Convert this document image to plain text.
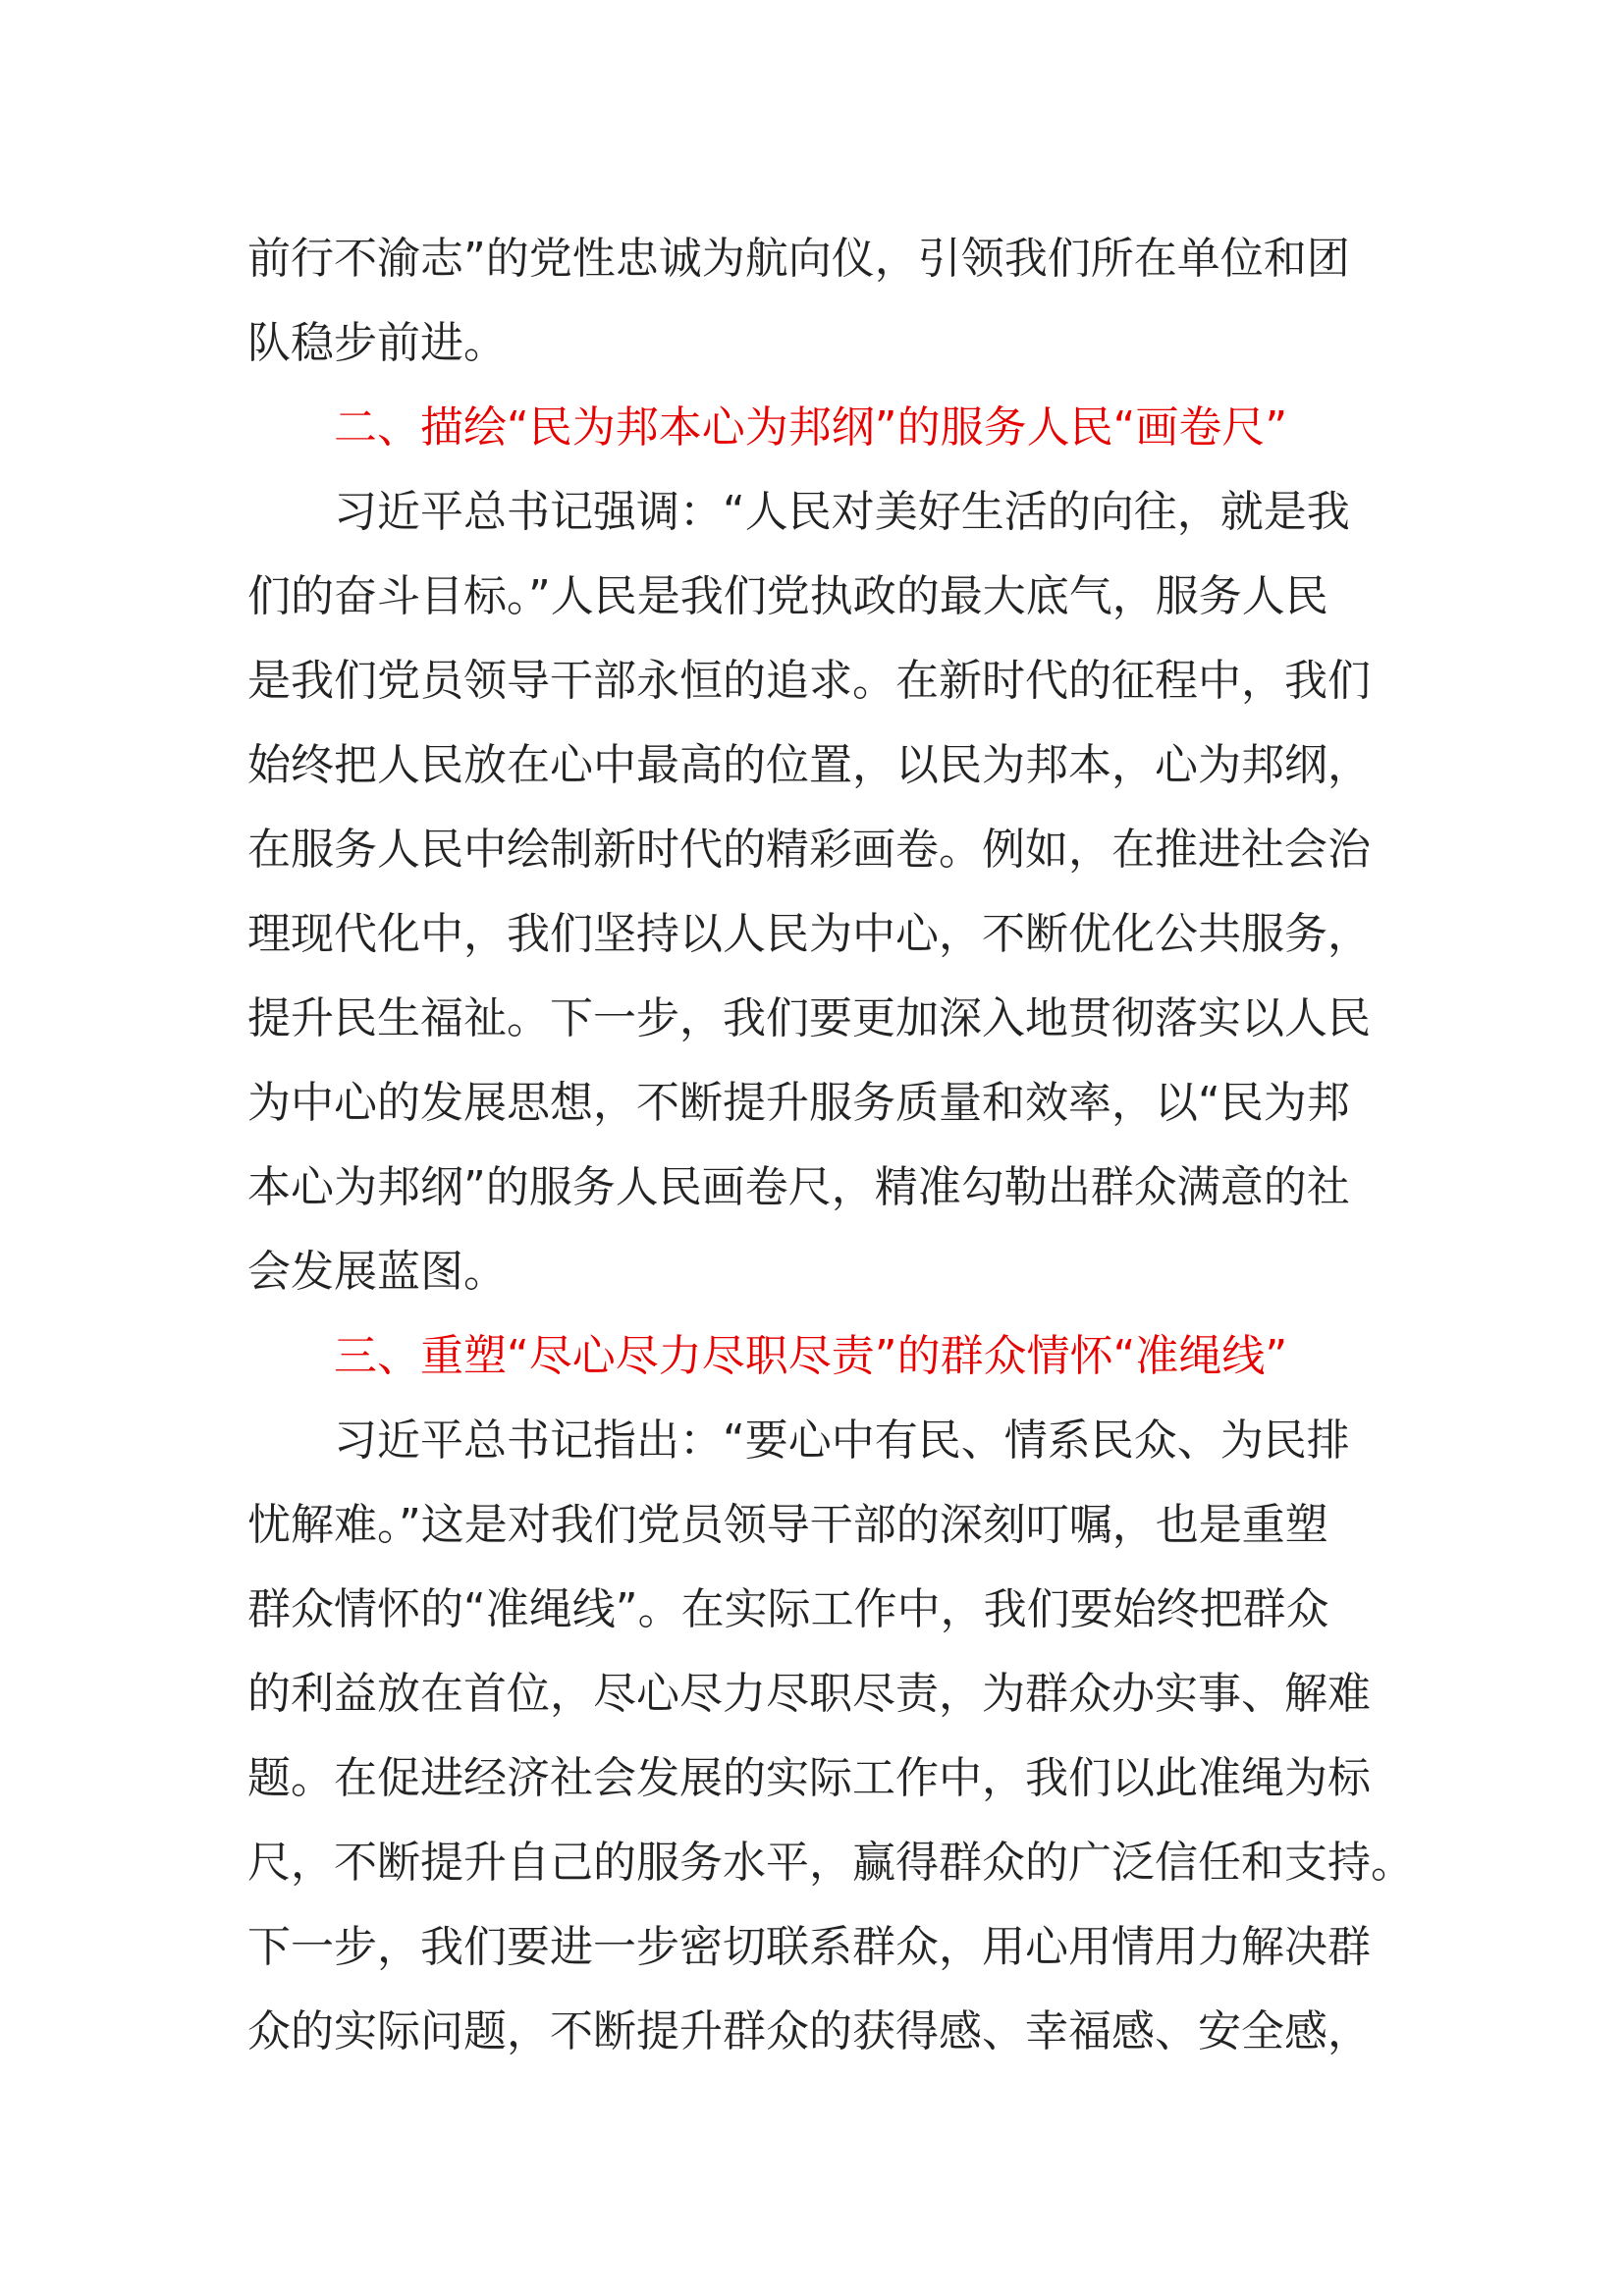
前行不渝志”的党性忠诚为航向仪，引领我们所在单位和团

队稳步前进。

　　二、描绘“民为邦本心为邦纲”的服务人民“画卷尺”

　　习近平总书记强调：“人民对美好生活的向往，就是我

们的奋斗目标。”人民是我们党执政的最大底气，服务人民

是我们党员领导干部永恒的追求。在新时代的征程中，我们

始终把人民放在心中最高的位置，以民为邦本，心为邦纲，

在服务人民中绘制新时代的精彩画卷。例如，在推进社会治

理现代化中，我们坚持以人民为中心，不断优化公共服务，

提升民生福祉。下一步，我们要更加深入地贯彻落实以人民

为中心的发展思想，不断提升服务质量和效率，以“民为邦

本心为邦纲”的服务人民画卷尺，精准勾勒出群众满意的社

会发展蓝图。

　　三、重塑“尽心尽力尽职尽责”的群众情怀“准绳线”

　　习近平总书记指出：“要心中有民、情系民众、为民排

忧解难。”这是对我们党员领导干部的深刻叮嘱，也是重塑

群众情怀的“准绳线”。在实际工作中，我们要始终把群众

的利益放在首位，尽心尽力尽职尽责，为群众办实事、解难

题。在促进经济社会发展的实际工作中，我们以此准绳为标

尺，不断提升自己的服务水平，赢得群众的广泛信任和支持。

下一步，我们要进一步密切联系群众，用心用情用力解决群

众的实际问题，不断提升群众的获得感、幸福感、安全感，
